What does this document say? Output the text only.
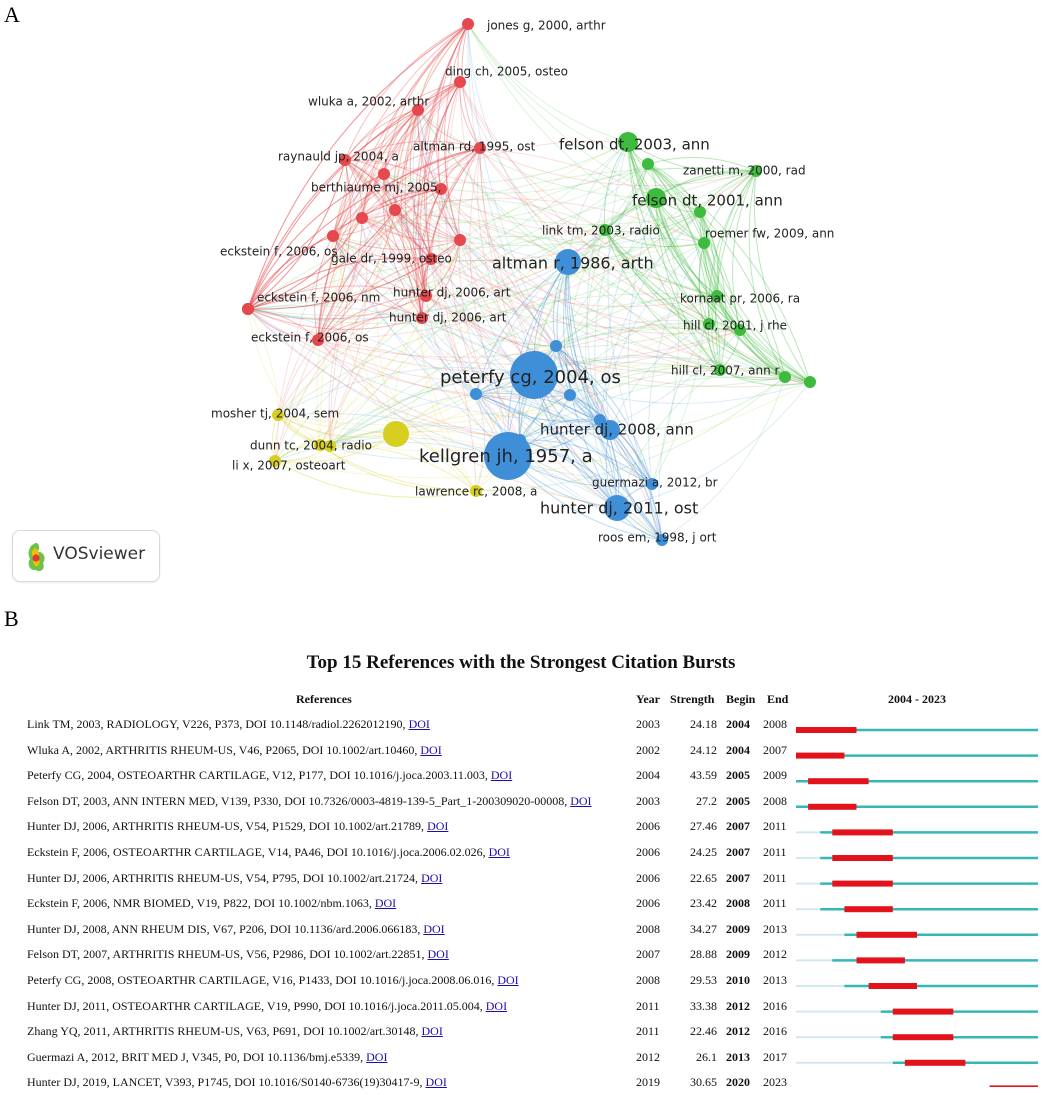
A	jones g, 2000, arthr
ding ch, 2005, osteo
wluka a, 2002, arthr
altman rd, 1995, ost
raynauld jp, 2004, a
berthiaume mj, 2005,
eckstein f, 2006, os
gale dr, 1999, osteo
eckstein f, 2006, nm hunter dj, 2006, art
hunter dj, 2006, art
eckstein f, 2006, os
felson dt, 2003, ann
zanetti m, 2000, rad
felson dt, 2001, ann
link tm, 2003, radio	roemer fw, 2009, ann
kornaat pr, 2006, ra
hill cl, 2001, j rhe
hill cl, 2007, ann r
altman r, 1986, arth
peterfy cg, 2004, os
hunter dj, 2008, ann
kellgren jh, 1957, a
guermazi a, 2012, br
hunter dj, 2011, ost
roos em, 1998, j ort
mosher tj, 2004, sem
dunn tc, 2004, radio
li x, 2007, osteoart
lawrence rc, 2008, a
VOSviewer
B
Top 15 References with the Strongest Citation Bursts
References	Year Strength Begin End	2004 - 2023
Link TM, 2003, RADIOLOGY, V226, P373, DOI 10.1148/radiol.2262012190, DOI	2003	24.18 2004 2008
Wluka A, 2002, ARTHRITIS RHEUM-US, V46, P2065, DOI 10.1002/art.10460, DOI	2002	24.12 2004 2007
Peterfy CG, 2004, OSTEOARTHR CARTILAGE, V12, P177, DOI 10.1016/j.joca.2003.11.003, DOI	2004	43.59 2005 2009
Felson DT, 2003, ANN INTERN MED, V139, P330, DOI 10.7326/0003-4819-139-5_Part_1-200309020-00008, DOI	2003	27.2 2005 2008
Hunter DJ, 2006, ARTHRITIS RHEUM-US, V54, P1529, DOI 10.1002/art.21789, DOI	2006	27.46 2007 2011
Eckstein F, 2006, OSTEOARTHR CARTILAGE, V14, PA46, DOI 10.1016/j.joca.2006.02.026, DOI	2006	24.25 2007 2011
Hunter DJ, 2006, ARTHRITIS RHEUM-US, V54, P795, DOI 10.1002/art.21724, DOI	2006	22.65 2007 2011
Eckstein F, 2006, NMR BIOMED, V19, P822, DOI 10.1002/nbm.1063, DOI	2006	23.42 2008 2011
Hunter DJ, 2008, ANN RHEUM DIS, V67, P206, DOI 10.1136/ard.2006.066183, DOI	2008	34.27 2009 2013
Felson DT, 2007, ARTHRITIS RHEUM-US, V56, P2986, DOI 10.1002/art.22851, DOI	2007	28.88 2009 2012
Peterfy CG, 2008, OSTEOARTHR CARTILAGE, V16, P1433, DOI 10.1016/j.joca.2008.06.016, DOI	2008	29.53 2010 2013
Hunter DJ, 2011, OSTEOARTHR CARTILAGE, V19, P990, DOI 10.1016/j.joca.2011.05.004, DOI	2011	33.38 2012 2016
Zhang YQ, 2011, ARTHRITIS RHEUM-US, V63, P691, DOI 10.1002/art.30148, DOI	2011	22.46 2012 2016
Guermazi A, 2012, BRIT MED J, V345, P0, DOI 10.1136/bmj.e5339, DOI	2012	26.1 2013 2017
Hunter DJ, 2019, LANCET, V393, P1745, DOI 10.1016/S0140-6736(19)30417-9, DOI	2019	30.65 2020 2023
